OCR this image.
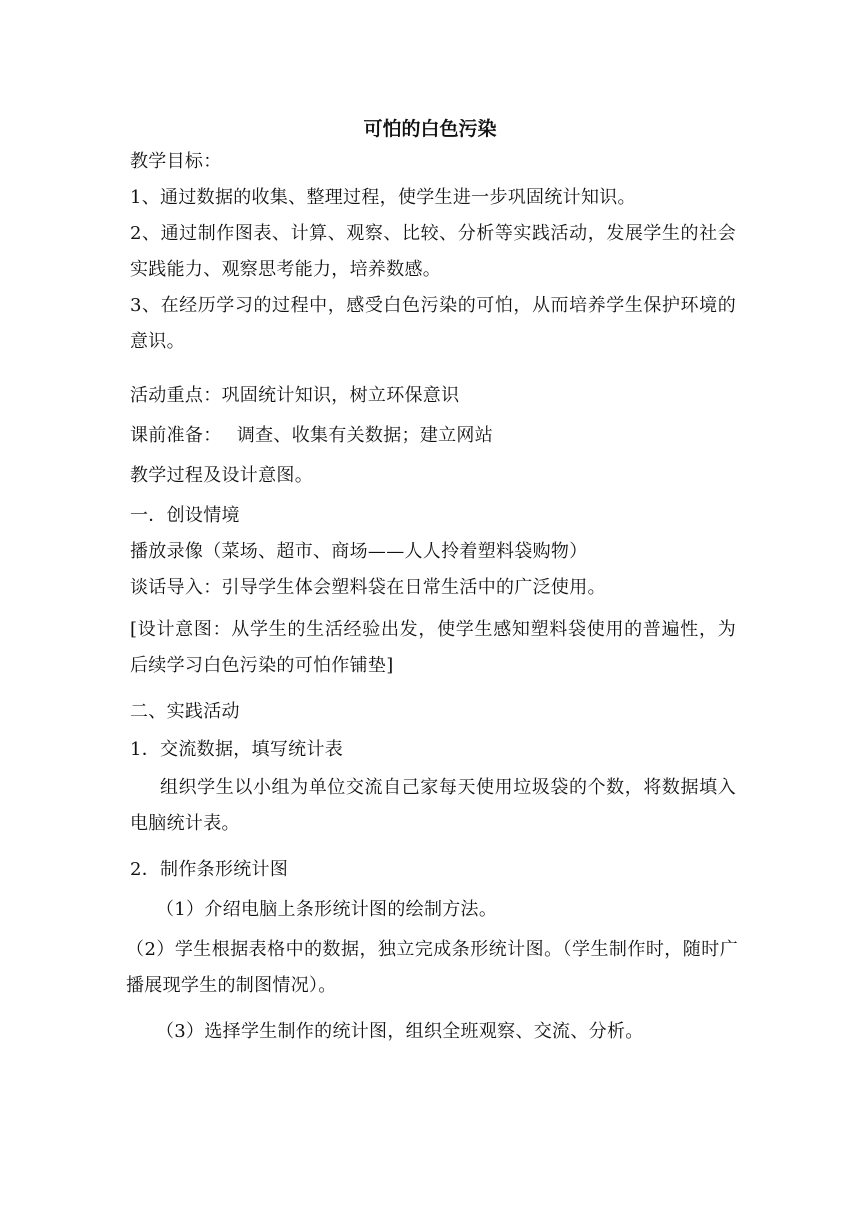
可怕的白色污染
教学目标：
1、通过数据的收集、整理过程，使学生进一步巩固统计知识。
2、通过制作图表、计算、观察、比较、分析等实践活动，发展学生的社会实践能力、观察思考能力，培养数感。
3、在经历学习的过程中，感受白色污染的可怕，从而培养学生保护环境的意识。
活动重点：巩固统计知识，树立环保意识
课前准备：　 调查、收集有关数据；建立网站
教学过程及设计意图。
一．创设情境
播放录像（菜场、超市、商场——人人拎着塑料袋购物）
谈话导入：引导学生体会塑料袋在日常生活中的广泛使用。
[设计意图：从学生的生活经验出发，使学生感知塑料袋使用的普遍性，为后续学习白色污染的可怕作铺垫]
二、实践活动
1．交流数据，填写统计表
组织学生以小组为单位交流自己家每天使用垃圾袋的个数，将数据填入电脑统计表。
2．制作条形统计图
（1）介绍电脑上条形统计图的绘制方法。
（2）学生根据表格中的数据，独立完成条形统计图。（学生制作时，随时广播展现学生的制图情况）。
（3）选择学生制作的统计图，组织全班观察、交流、分析。
